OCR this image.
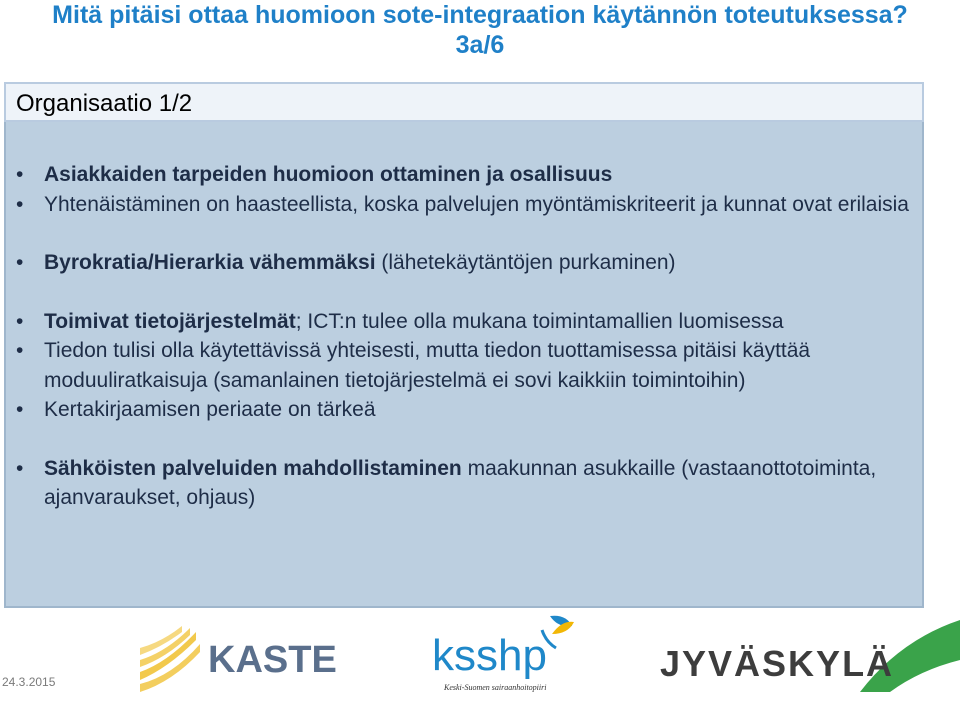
Mitä pitäisi ottaa huomioon sote-integraation käytännön toteutuksessa?
3a/6
Organisaatio 1/2
• Asiakkaiden tarpeiden huomioon ottaminen ja osallisuus
• Yhtenäistäminen on haasteellista, koska palvelujen myöntämiskriteerit ja kunnat ovat erilaisia
• Byrokratia/Hierarkia vähemmäksi (lähetekäytäntöjen purkaminen)
• Toimivat tietojärjestelmät; ICT:n tulee olla mukana toimintamallien luomisessa
• Tiedon tulisi olla käytettävissä yhteisesti, mutta tiedon tuottamisessa pitäisi käyttää moduuliratkaisuja (samanlainen tietojärjestelmä ei sovi kaikkiin toimintoihin)
• Kertakirjaamisen periaate on tärkeä
• Sähköisten palveluiden mahdollistaminen maakunnan asukkaille (vastaanottotoiminta, ajanvaraukset, ohjaus)
24.3.2015
KASTE ksshp
Keski-Suomen sairaanhoitopiiri
JYVÄSKYLÄ
